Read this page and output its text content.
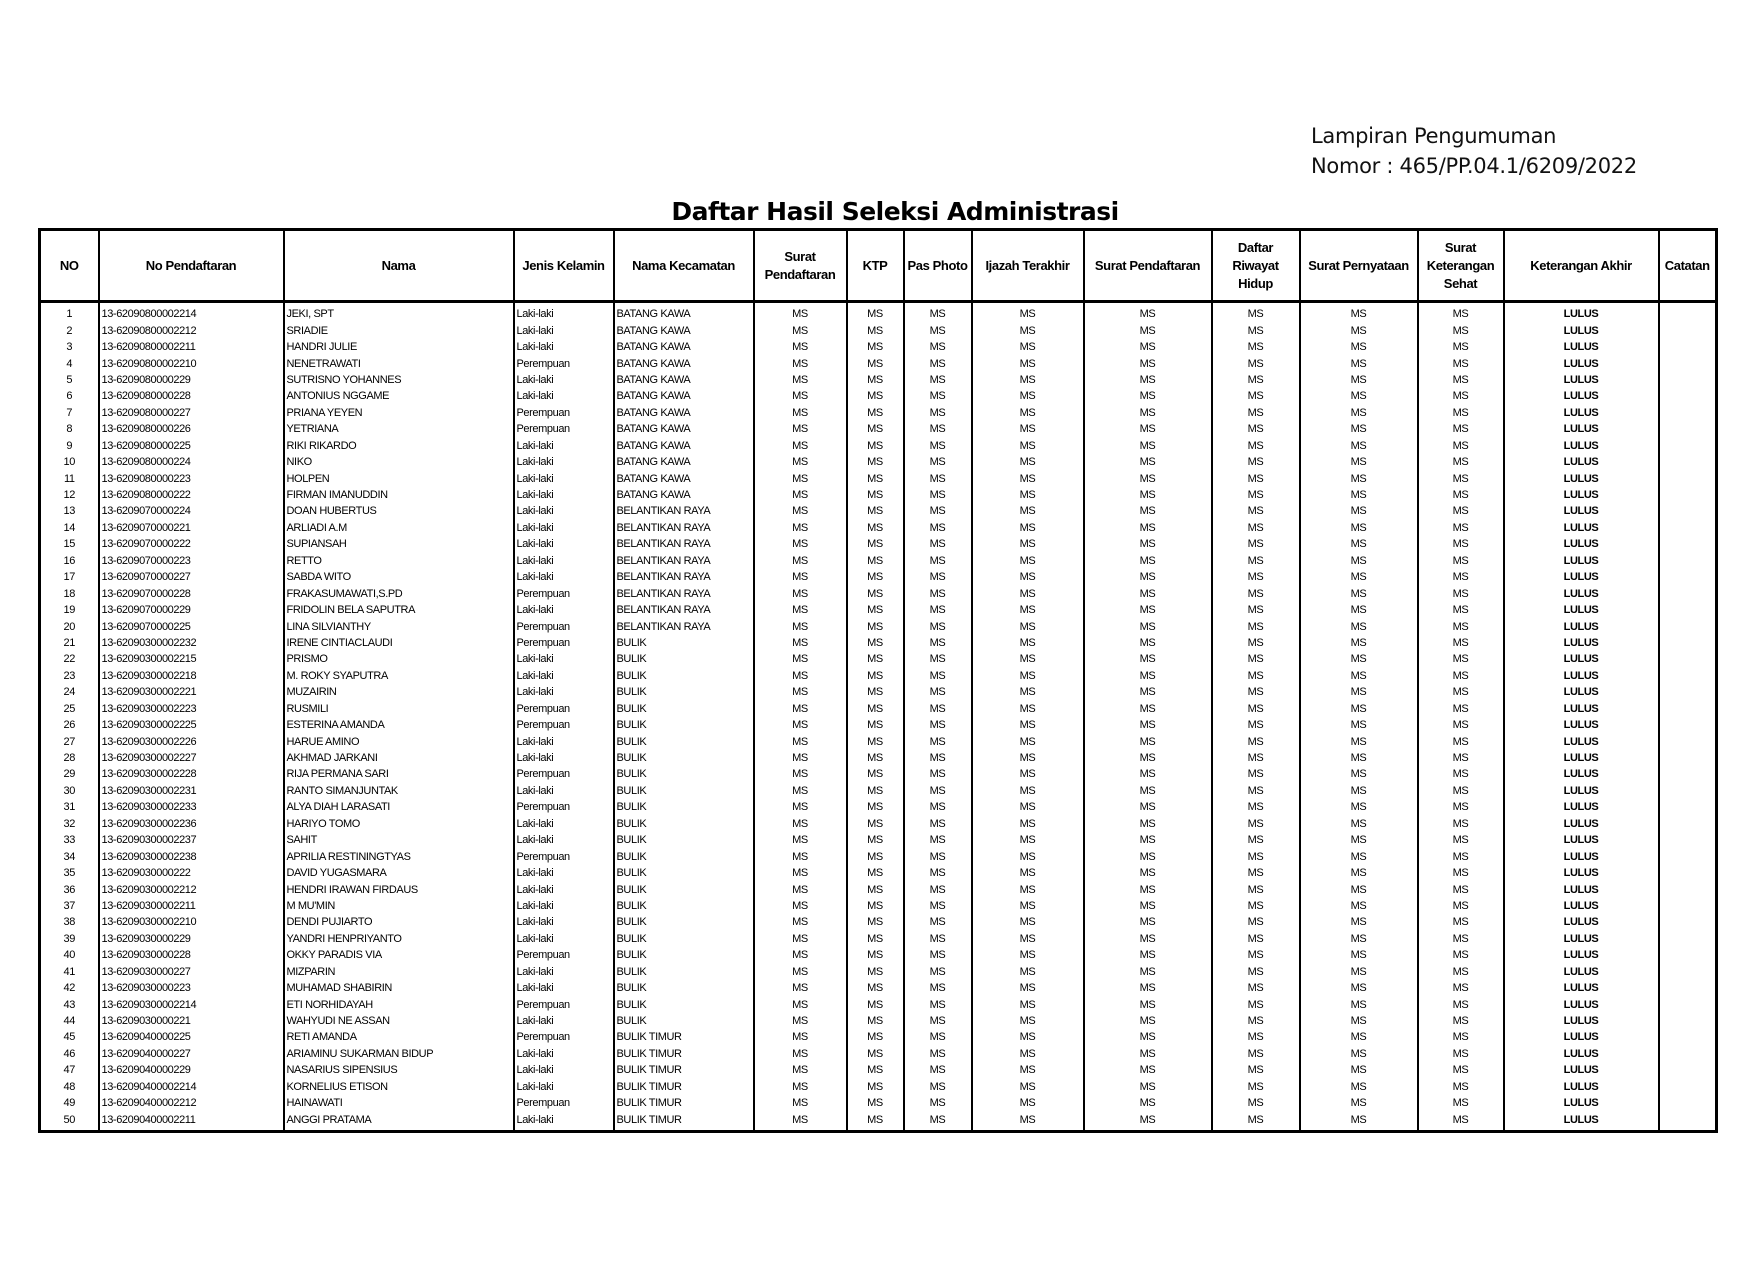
Lampiran Pengumuman
Nomor : 465/PP.04.1/6209/2022
Daftar Hasil Seleksi Administrasi
NO	No Pendaftaran	Nama	Jenis Kelamin	Nama Kecamatan	Surat Pendaftaran	KTP	Pas Photo	Ijazah Terakhir	Surat Pendaftaran	Daftar Riwayat Hidup	Surat Pernyataan	Surat Keterangan Sehat	Keterangan Akhir	Catatan
1	13-62090800002214	JEKI, SPT	Laki-laki	BATANG KAWA	MS	MS	MS	MS	MS	MS	MS	MS	LULUS	
2	13-62090800002212	SRIADIE	Laki-laki	BATANG KAWA	MS	MS	MS	MS	MS	MS	MS	MS	LULUS	
3	13-62090800002211	HANDRI JULIE	Laki-laki	BATANG KAWA	MS	MS	MS	MS	MS	MS	MS	MS	LULUS	
4	13-62090800002210	NENETRAWATI	Perempuan	BATANG KAWA	MS	MS	MS	MS	MS	MS	MS	MS	LULUS	
5	13-6209080000229	SUTRISNO YOHANNES	Laki-laki	BATANG KAWA	MS	MS	MS	MS	MS	MS	MS	MS	LULUS	
6	13-6209080000228	ANTONIUS NGGAME	Laki-laki	BATANG KAWA	MS	MS	MS	MS	MS	MS	MS	MS	LULUS	
7	13-6209080000227	PRIANA YEYEN	Perempuan	BATANG KAWA	MS	MS	MS	MS	MS	MS	MS	MS	LULUS	
8	13-6209080000226	YETRIANA	Perempuan	BATANG KAWA	MS	MS	MS	MS	MS	MS	MS	MS	LULUS	
9	13-6209080000225	RIKI RIKARDO	Laki-laki	BATANG KAWA	MS	MS	MS	MS	MS	MS	MS	MS	LULUS	
10	13-6209080000224	NIKO	Laki-laki	BATANG KAWA	MS	MS	MS	MS	MS	MS	MS	MS	LULUS	
11	13-6209080000223	HOLPEN	Laki-laki	BATANG KAWA	MS	MS	MS	MS	MS	MS	MS	MS	LULUS	
12	13-6209080000222	FIRMAN IMANUDDIN	Laki-laki	BATANG KAWA	MS	MS	MS	MS	MS	MS	MS	MS	LULUS	
13	13-6209070000224	DOAN HUBERTUS	Laki-laki	BELANTIKAN RAYA	MS	MS	MS	MS	MS	MS	MS	MS	LULUS	
14	13-6209070000221	ARLIADI A.M	Laki-laki	BELANTIKAN RAYA	MS	MS	MS	MS	MS	MS	MS	MS	LULUS	
15	13-6209070000222	SUPIANSAH	Laki-laki	BELANTIKAN RAYA	MS	MS	MS	MS	MS	MS	MS	MS	LULUS	
16	13-6209070000223	RETTO	Laki-laki	BELANTIKAN RAYA	MS	MS	MS	MS	MS	MS	MS	MS	LULUS	
17	13-6209070000227	SABDA WITO	Laki-laki	BELANTIKAN RAYA	MS	MS	MS	MS	MS	MS	MS	MS	LULUS	
18	13-6209070000228	FRAKASUMAWATI,S.PD	Perempuan	BELANTIKAN RAYA	MS	MS	MS	MS	MS	MS	MS	MS	LULUS	
19	13-6209070000229	FRIDOLIN BELA SAPUTRA	Laki-laki	BELANTIKAN RAYA	MS	MS	MS	MS	MS	MS	MS	MS	LULUS	
20	13-6209070000225	LINA SILVIANTHY	Perempuan	BELANTIKAN RAYA	MS	MS	MS	MS	MS	MS	MS	MS	LULUS	
21	13-62090300002232	IRENE CINTIACLAUDI	Perempuan	BULIK	MS	MS	MS	MS	MS	MS	MS	MS	LULUS	
22	13-62090300002215	PRISMO	Laki-laki	BULIK	MS	MS	MS	MS	MS	MS	MS	MS	LULUS	
23	13-62090300002218	M. ROKY SYAPUTRA	Laki-laki	BULIK	MS	MS	MS	MS	MS	MS	MS	MS	LULUS	
24	13-62090300002221	MUZAIRIN	Laki-laki	BULIK	MS	MS	MS	MS	MS	MS	MS	MS	LULUS	
25	13-62090300002223	RUSMILI	Perempuan	BULIK	MS	MS	MS	MS	MS	MS	MS	MS	LULUS	
26	13-62090300002225	ESTERINA AMANDA	Perempuan	BULIK	MS	MS	MS	MS	MS	MS	MS	MS	LULUS	
27	13-62090300002226	HARUE AMINO	Laki-laki	BULIK	MS	MS	MS	MS	MS	MS	MS	MS	LULUS	
28	13-62090300002227	AKHMAD JARKANI	Laki-laki	BULIK	MS	MS	MS	MS	MS	MS	MS	MS	LULUS	
29	13-62090300002228	RIJA PERMANA SARI	Perempuan	BULIK	MS	MS	MS	MS	MS	MS	MS	MS	LULUS	
30	13-62090300002231	RANTO SIMANJUNTAK	Laki-laki	BULIK	MS	MS	MS	MS	MS	MS	MS	MS	LULUS	
31	13-62090300002233	ALYA DIAH LARASATI	Perempuan	BULIK	MS	MS	MS	MS	MS	MS	MS	MS	LULUS	
32	13-62090300002236	HARIYO TOMO	Laki-laki	BULIK	MS	MS	MS	MS	MS	MS	MS	MS	LULUS	
33	13-62090300002237	SAHIT	Laki-laki	BULIK	MS	MS	MS	MS	MS	MS	MS	MS	LULUS	
34	13-62090300002238	APRILIA RESTININGTYAS	Perempuan	BULIK	MS	MS	MS	MS	MS	MS	MS	MS	LULUS	
35	13-6209030000222	DAVID YUGASMARA	Laki-laki	BULIK	MS	MS	MS	MS	MS	MS	MS	MS	LULUS	
36	13-62090300002212	HENDRI IRAWAN FIRDAUS	Laki-laki	BULIK	MS	MS	MS	MS	MS	MS	MS	MS	LULUS	
37	13-62090300002211	M MU'MIN	Laki-laki	BULIK	MS	MS	MS	MS	MS	MS	MS	MS	LULUS	
38	13-62090300002210	DENDI PUJIARTO	Laki-laki	BULIK	MS	MS	MS	MS	MS	MS	MS	MS	LULUS	
39	13-6209030000229	YANDRI HENPRIYANTO	Laki-laki	BULIK	MS	MS	MS	MS	MS	MS	MS	MS	LULUS	
40	13-6209030000228	OKKY PARADIS VIA	Perempuan	BULIK	MS	MS	MS	MS	MS	MS	MS	MS	LULUS	
41	13-6209030000227	MIZPARIN	Laki-laki	BULIK	MS	MS	MS	MS	MS	MS	MS	MS	LULUS	
42	13-6209030000223	MUHAMAD SHABIRIN	Laki-laki	BULIK	MS	MS	MS	MS	MS	MS	MS	MS	LULUS	
43	13-62090300002214	ETI NORHIDAYAH	Perempuan	BULIK	MS	MS	MS	MS	MS	MS	MS	MS	LULUS	
44	13-6209030000221	WAHYUDI NE ASSAN	Laki-laki	BULIK	MS	MS	MS	MS	MS	MS	MS	MS	LULUS	
45	13-6209040000225	RETI AMANDA	Perempuan	BULIK TIMUR	MS	MS	MS	MS	MS	MS	MS	MS	LULUS	
46	13-6209040000227	ARIAMINU SUKARMAN BIDUP	Laki-laki	BULIK TIMUR	MS	MS	MS	MS	MS	MS	MS	MS	LULUS	
47	13-6209040000229	NASARIUS SIPENSIUS	Laki-laki	BULIK TIMUR	MS	MS	MS	MS	MS	MS	MS	MS	LULUS	
48	13-62090400002214	KORNELIUS ETISON	Laki-laki	BULIK TIMUR	MS	MS	MS	MS	MS	MS	MS	MS	LULUS	
49	13-62090400002212	HAINAWATI	Perempuan	BULIK TIMUR	MS	MS	MS	MS	MS	MS	MS	MS	LULUS	
50	13-62090400002211	ANGGI PRATAMA	Laki-laki	BULIK TIMUR	MS	MS	MS	MS	MS	MS	MS	MS	LULUS	
